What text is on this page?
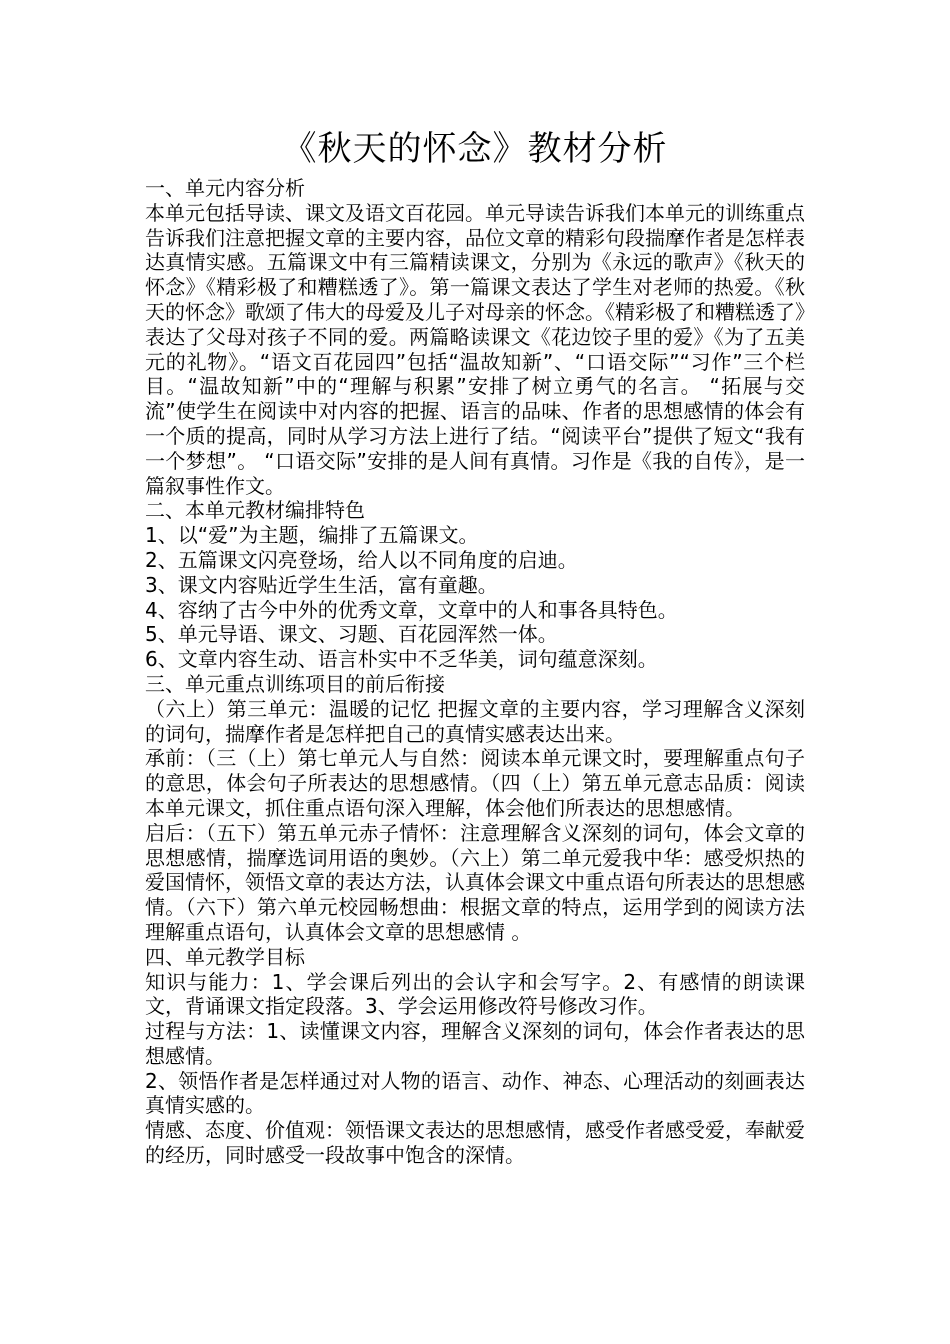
《秋天的怀念》教材分析

一、单元内容分析

本单元包括导读、课文及语文百花园。单元导读告诉我们本单元的训练重点告诉我们注意把握文章的主要内容，品位文章的精彩句段揣摩作者是怎样表达真情实感。五篇课文中有三篇精读课文，分别为《永远的歌声》《秋天的怀念》《精彩极了和糟糕透了》。第一篇课文表达了学生对老师的热爱。《秋天的怀念》歌颂了伟大的母爱及儿子对母亲的怀念。《精彩极了和糟糕透了》表达了父母对孩子不同的爱。两篇略读课文《花边饺子里的爱》《为了五美元的礼物》。“语文百花园四”包括“温故知新”、“口语交际”“习作”三个栏目。“温故知新”中的“理解与积累”安排了树立勇气的名言。 “拓展与交流”使学生在阅读中对内容的把握、语言的品味、作者的思想感情的体会有一个质的提高，同时从学习方法上进行了结。“阅读平台”提供了短文“我有一个梦想”。 “口语交际”安排的是人间有真情。习作是《我的自传》，是一篇叙事性作文。

二、本单元教材编排特色

1、以“爱”为主题，编排了五篇课文。

2、五篇课文闪亮登场，给人以不同角度的启迪。

3、课文内容贴近学生生活，富有童趣。

4、容纳了古今中外的优秀文章，文章中的人和事各具特色。

5、单元导语、课文、习题、百花园浑然一体。

6、文章内容生动、语言朴实中不乏华美，词句蕴意深刻。

三、单元重点训练项目的前后衔接

（六上）第三单元：温暖的记忆 把握文章的主要内容，学习理解含义深刻的词句，揣摩作者是怎样把自己的真情实感表达出来。

承前：（三（上）第七单元人与自然：阅读本单元课文时，要理解重点句子的意思，体会句子所表达的思想感情。（四（上）第五单元意志品质：阅读本单元课文，抓住重点语句深入理解，体会他们所表达的思想感情。

启后：（五下）第五单元赤子情怀：注意理解含义深刻的词句，体会文章的思想感情，揣摩选词用语的奥妙。（六上）第二单元爱我中华：感受炽热的爱国情怀，领悟文章的表达方法，认真体会课文中重点语句所表达的思想感情。（六下）第六单元校园畅想曲：根据文章的特点，运用学到的阅读方法理解重点语句，认真体会文章的思想感情 。

四、单元教学目标

知识与能力：1、学会课后列出的会认字和会写字。2、有感情的朗读课文，背诵课文指定段落。3、学会运用修改符号修改习作。

过程与方法：1、读懂课文内容，理解含义深刻的词句，体会作者表达的思想感情。

2、领悟作者是怎样通过对人物的语言、动作、神态、心理活动的刻画表达真情实感的。

情感、态度、价值观：领悟课文表达的思想感情，感受作者感受爱，奉献爱的经历，同时感受一段故事中饱含的深情。
